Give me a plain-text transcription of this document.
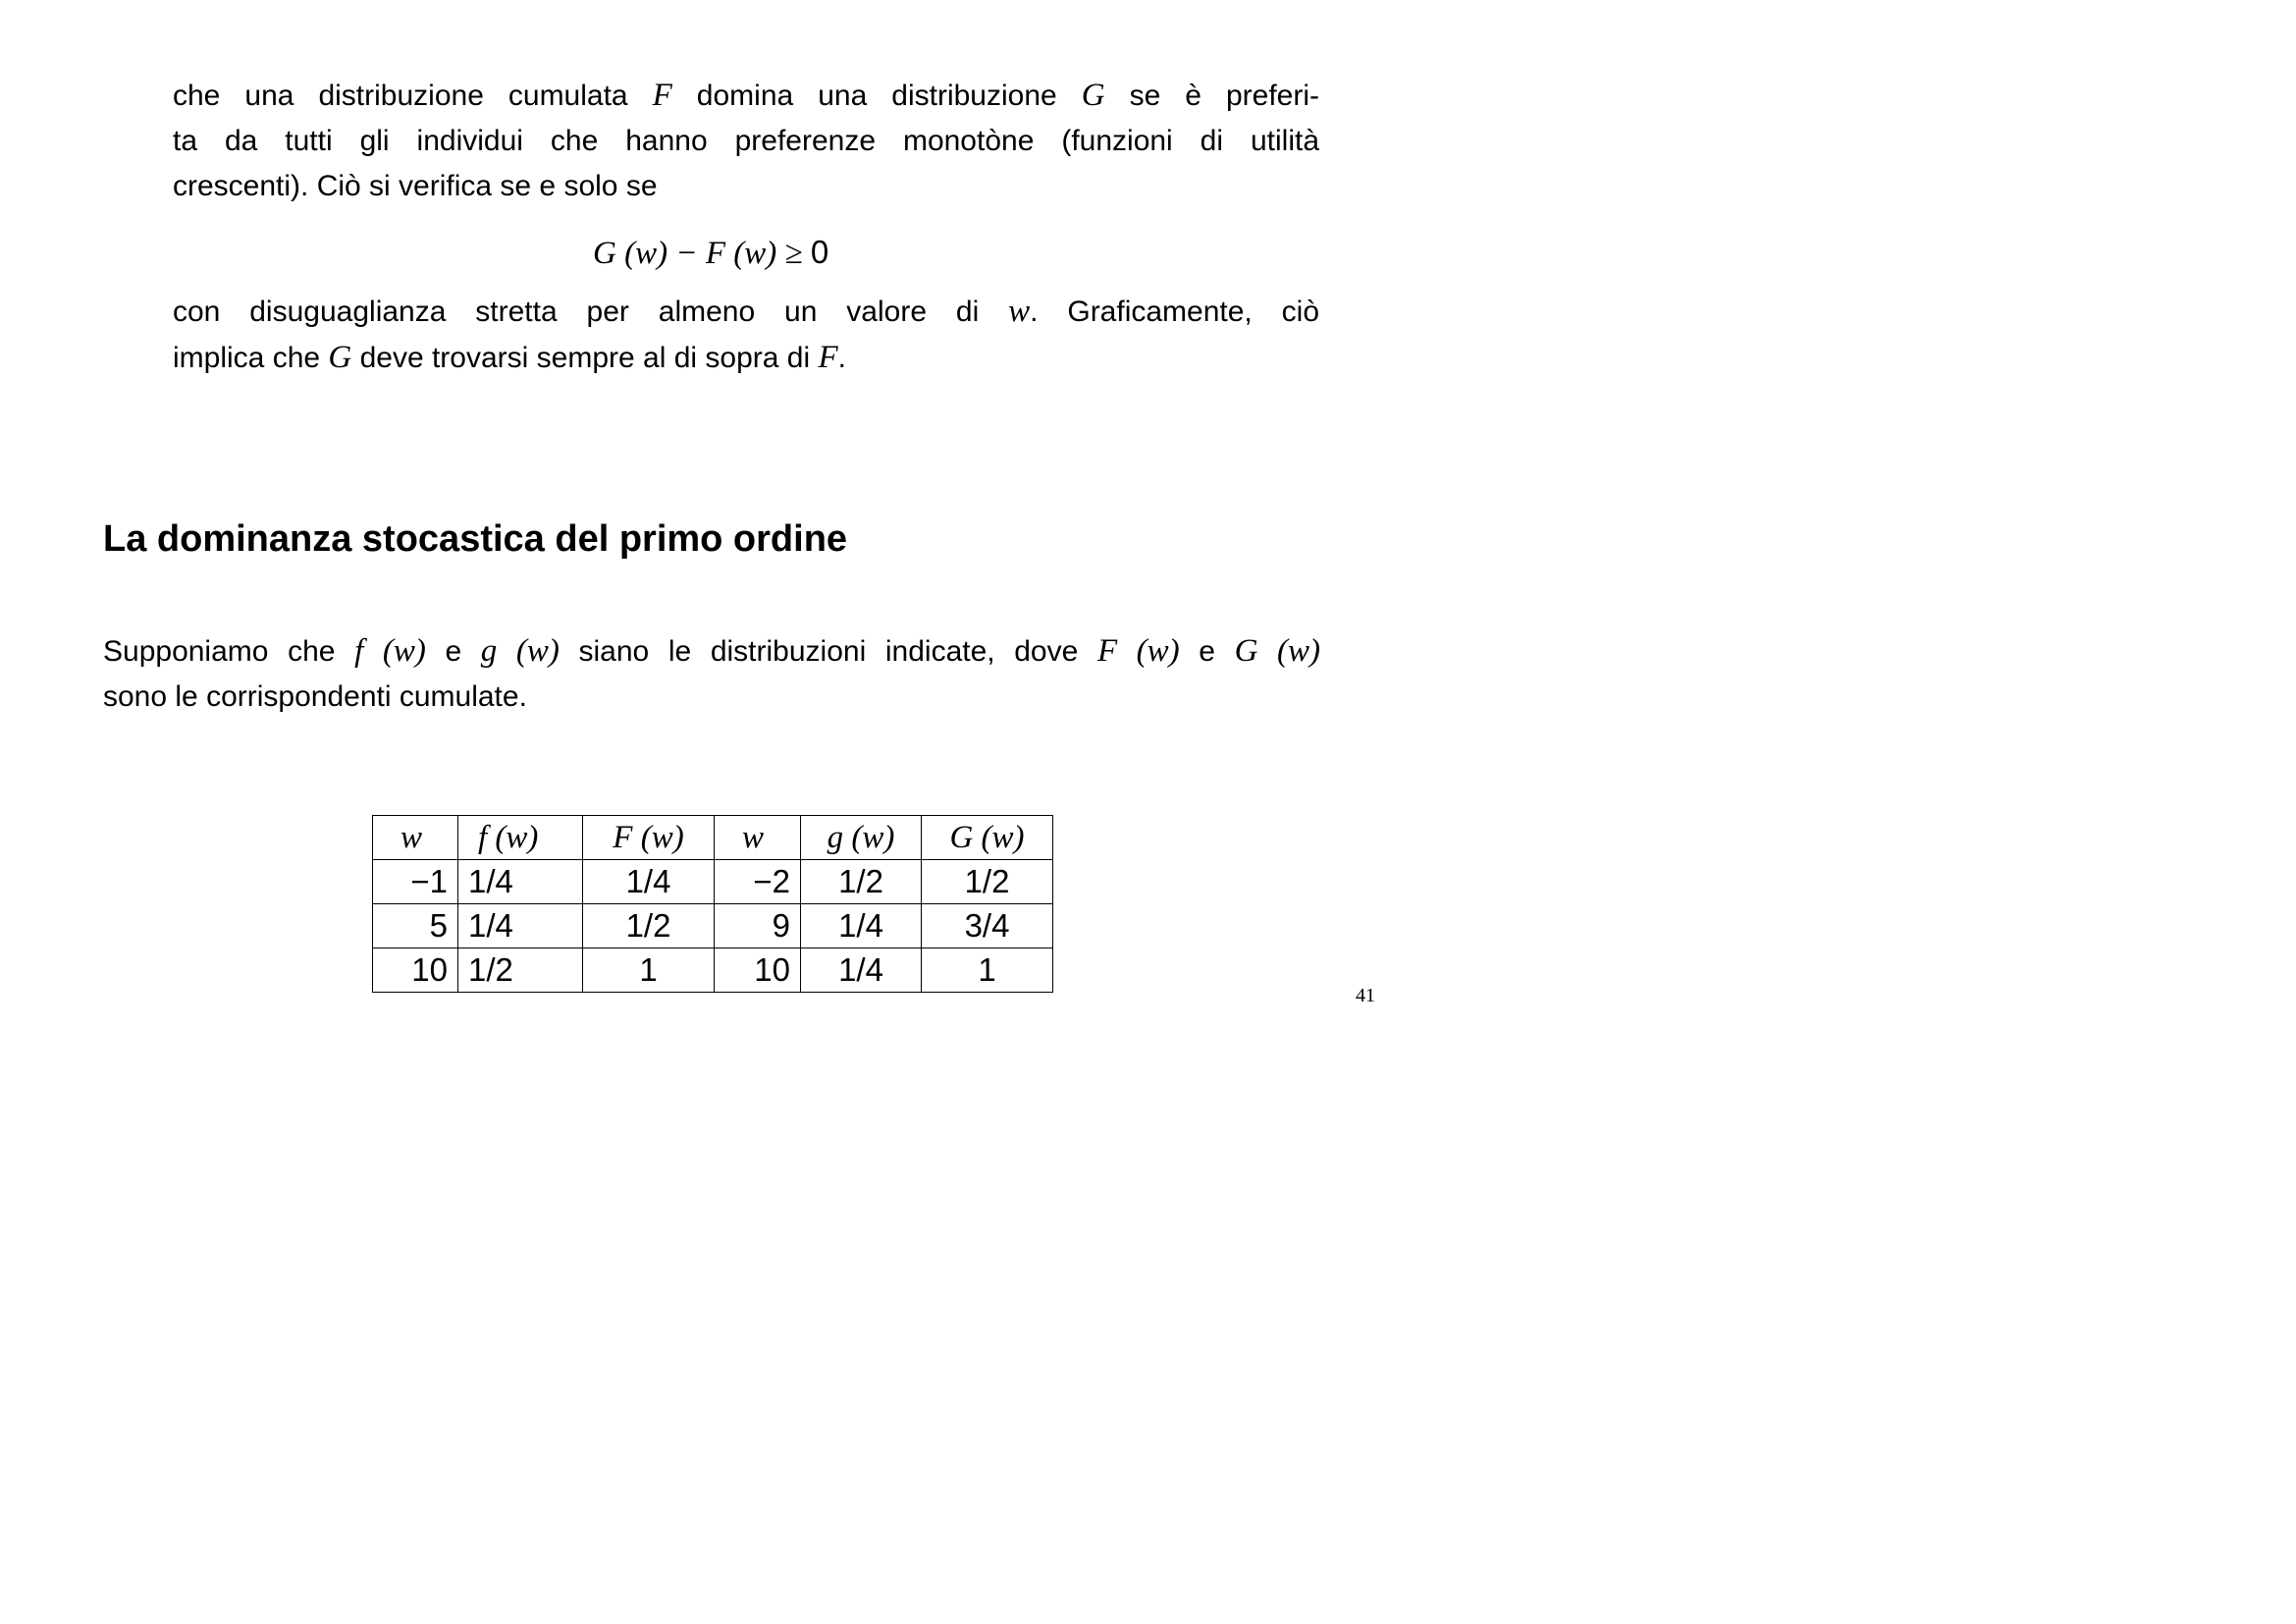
che una distribuzione cumulata F domina una distribuzione G se è preferi-
ta da tutti gli individui che hanno preferenze monotòne (funzioni di utilità
crescenti). Ciò si verifica se e solo se

G (w) − F (w) ≥ 0

con disuguaglianza stretta per almeno un valore di w. Graficamente, ciò
implica che G deve trovarsi sempre al di sopra di F.

La dominanza stocastica del primo ordine

Supponiamo che f (w) e g (w) siano le distribuzioni indicate, dove F (w) e G (w)
sono le corrispondenti cumulate.

w	f (w)	F (w)	w	g (w)	G (w)
−1	1/4	1/4	−2	1/2	1/2
5	1/4	1/2	9	1/4	3/4
10	1/2	1	10	1/4	1
41
